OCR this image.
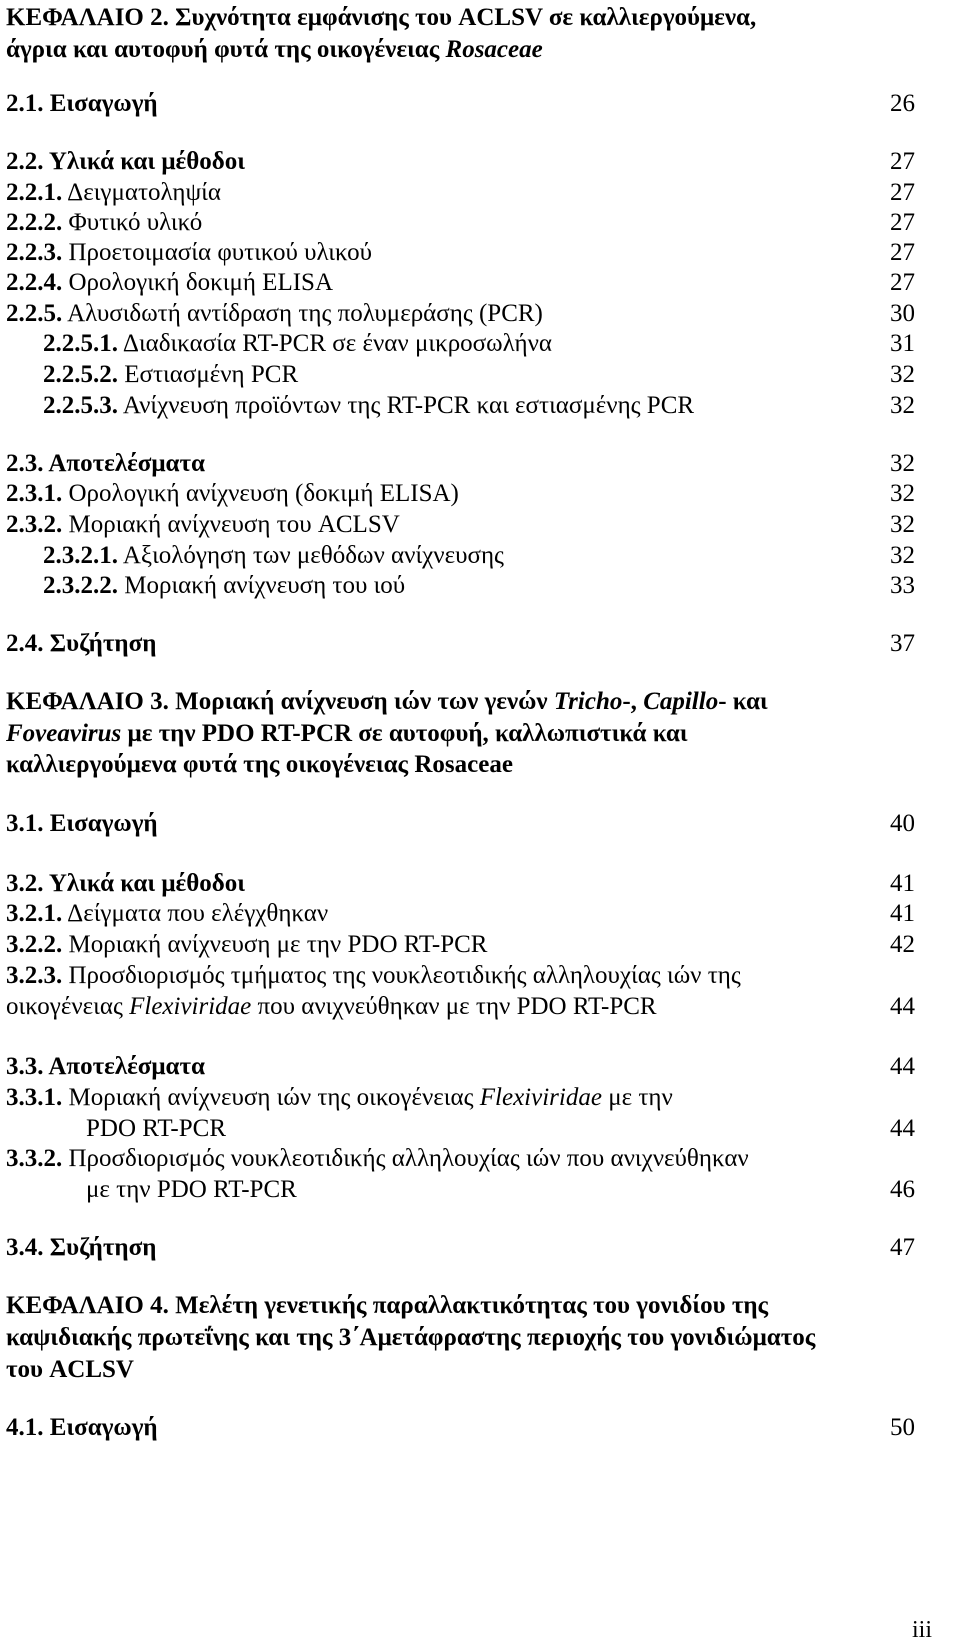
ΚΕΦΑΛΑΙΟ 2. Συχνότητα εμφάνισης του ACLSV σε καλλιεργούμενα,
άγρια και αυτοφυή φυτά της οικογένειας Rosaceae
2.1. Εισαγωγή	26
2.2. Υλικά και μέθοδοι	27
2.2.1. Δειγματοληψία	27
2.2.2. Φυτικό υλικό	27
2.2.3. Προετοιμασία φυτικού υλικού	27
2.2.4. Ορολογική δοκιμή ELISA	27
2.2.5. Αλυσιδωτή αντίδραση της πολυμεράσης (PCR)	30
2.2.5.1. Διαδικασία RT-PCR σε έναν μικροσωλήνα	31
2.2.5.2. Εστιασμένη PCR	32
2.2.5.3. Ανίχνευση προϊόντων της RT-PCR και εστιασμένης PCR	32
2.3. Αποτελέσματα	32
2.3.1. Ορολογική ανίχνευση (δοκιμή ELISA)	32
2.3.2. Μοριακή ανίχνευση του ACLSV	32
2.3.2.1. Αξιολόγηση των μεθόδων ανίχνευσης	32
2.3.2.2. Μοριακή ανίχνευση του ιού	33
2.4. Συζήτηση	37
ΚΕΦΑΛΑΙΟ 3. Μοριακή ανίχνευση ιών των γενών Tricho-, Capillo- και
Foveavirus με την PDO RT-PCR σε αυτοφυή, καλλωπιστικά και
καλλιεργούμενα φυτά της οικογένειας Rosaceae
3.1. Εισαγωγή	40
3.2. Υλικά και μέθοδοι	41
3.2.1. Δείγματα που ελέγχθηκαν	41
3.2.2. Μοριακή ανίχνευση με την PDO RT-PCR	42
3.2.3. Προσδιορισμός τμήματος της νουκλεοτιδικής αλληλουχίας ιών της
οικογένειας Flexiviridae που ανιχνεύθηκαν με την PDO RT-PCR	44
3.3. Αποτελέσματα	44
3.3.1. Μοριακή ανίχνευση ιών της οικογένειας Flexiviridae με την
PDO RT-PCR	44
3.3.2. Προσδιορισμός νουκλεοτιδικής αλληλουχίας ιών που ανιχνεύθηκαν
με την PDO RT-PCR	46
3.4. Συζήτηση	47
ΚΕΦΑΛΑΙΟ 4. Μελέτη γενετικής παραλλακτικότητας του γονιδίου της
καψιδιακής πρωτεΐνης και της 3΄Αμετάφραστης περιοχής του γονιδιώματος
του ACLSV
4.1. Εισαγωγή	50
iii
